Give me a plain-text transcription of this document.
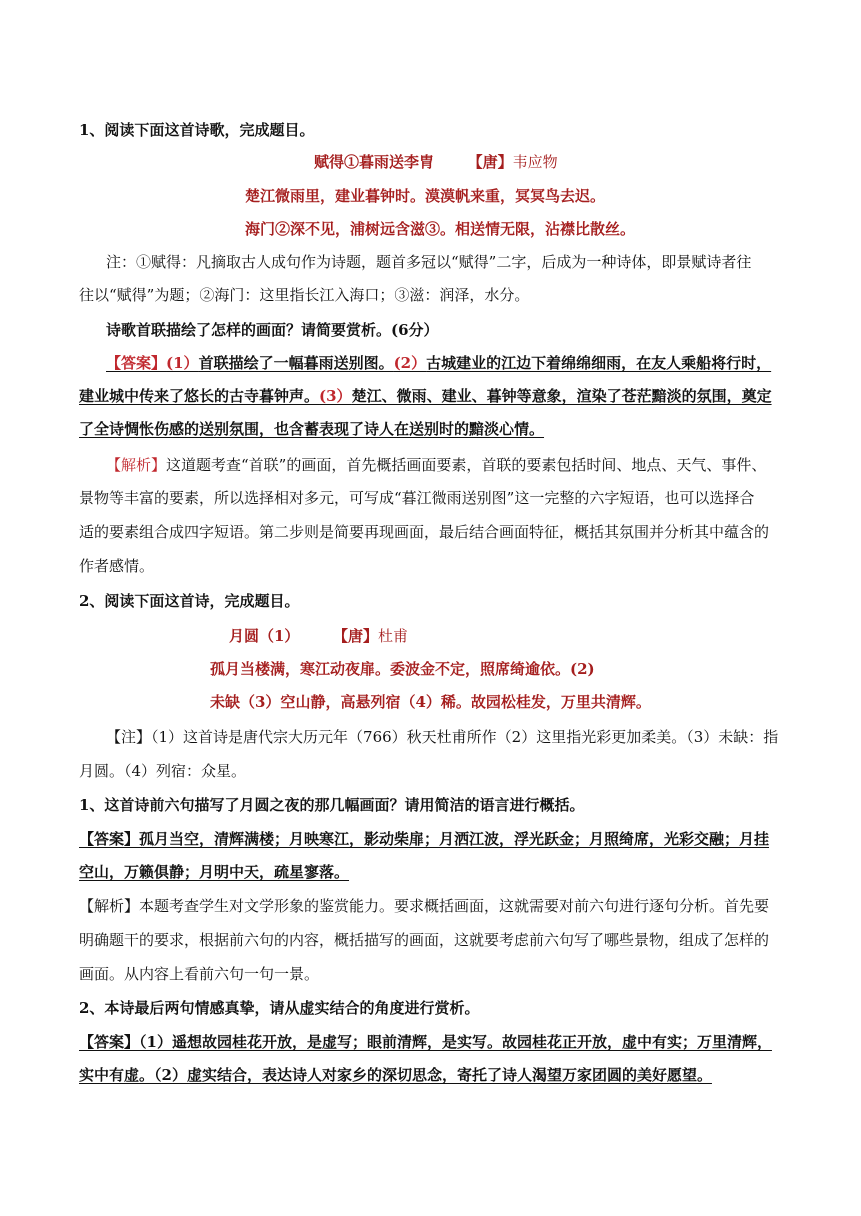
1、阅读下面这首诗歌，完成题目。
赋得①暮雨送李胄 【唐】韦应物
楚江微雨里，建业暮钟时。漠漠帆来重，冥冥鸟去迟。
海门②深不见，浦树远含滋③。相送情无限，沾襟比散丝。
注：①赋得：凡摘取古人成句作为诗题，题首多冠以“赋得”二字，后成为一种诗体，即景赋诗者往
往以“赋得”为题；②海门：这里指长江入海口；③滋：润泽，水分。
诗歌首联描绘了怎样的画面？请简要赏析。(6分）
【答案】(1）首联描绘了一幅暮雨送别图。(2）古城建业的江边下着绵绵细雨，在友人乘船将行时，
建业城中传来了悠长的古寺暮钟声。(3）楚江、微雨、建业、暮钟等意象，渲染了苍茫黯淡的氛围，奠定
了全诗惆怅伤感的送别氛围，也含蓄表现了诗人在送别时的黯淡心情。
【解析】这道题考查“首联”的画面，首先概括画面要素，首联的要素包括时间、地点、天气、事件、
景物等丰富的要素，所以选择相对多元，可写成“暮江微雨送别图”这一完整的六字短语，也可以选择合
适的要素组合成四字短语。第二步则是简要再现画面，最后结合画面特征，概括其氛围并分析其中蕴含的
作者感情。
2、阅读下面这首诗，完成题目。
月圆（1） 【唐】杜甫
孤月当楼满，寒江动夜扉。委波金不定，照席绮逾依。(2)
未缺（3）空山静，高悬列宿（4）稀。故园松桂发，万里共清辉。
【注】（1）这首诗是唐代宗大历元年（766）秋天杜甫所作（2）这里指光彩更加柔美。（3）未缺：指
月圆。（4）列宿：众星。
1、这首诗前六句描写了月圆之夜的那几幅画面？请用简洁的语言进行概括。
【答案】孤月当空，清辉满楼；月映寒江，影动柴扉；月洒江波，浮光跃金；月照绮席，光彩交融；月挂
空山，万籁俱静；月明中天，疏星寥落。
【解析】本题考查学生对文学形象的鉴赏能力。要求概括画面，这就需要对前六句进行逐句分析。首先要
明确题干的要求，根据前六句的内容，概括描写的画面，这就要考虑前六句写了哪些景物，组成了怎样的
画面。从内容上看前六句一句一景。
2、本诗最后两句情感真挚，请从虚实结合的角度进行赏析。
【答案】（1）遥想故园桂花开放，是虚写；眼前清辉，是实写。故园桂花正开放，虚中有实；万里清辉，
实中有虚。（2）虚实结合，表达诗人对家乡的深切思念，寄托了诗人渴望万家团圆的美好愿望。
